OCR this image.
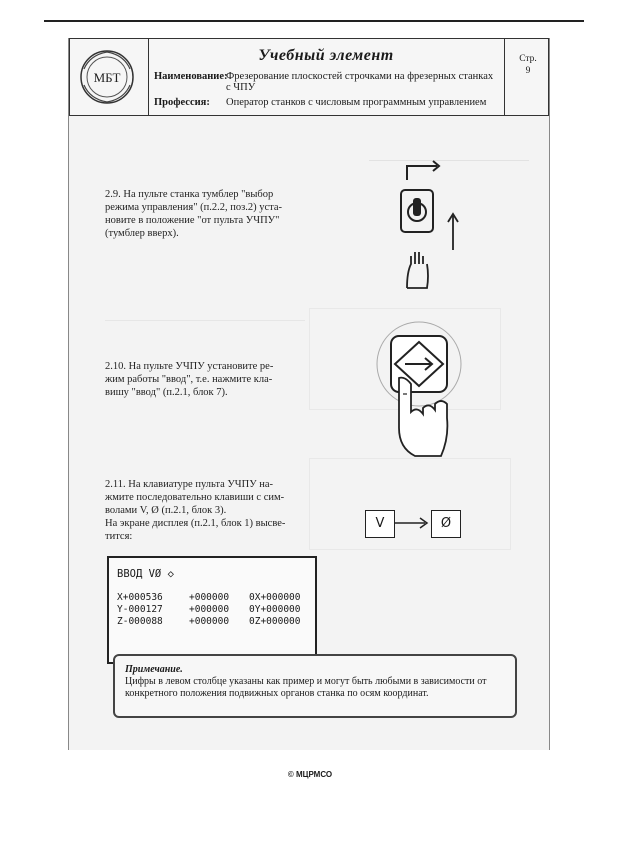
МБТ
Учебный элемент
Наименование:Фрезерование плоскостей строчками на фрезерных станках с ЧПУ
Профессия: Оператор станков с числовым программным управлением
Стр.
9
2.9. На пульте станка тумблер "выбор
режима управления" (п.2.2, поз.2) уста-
новите в положение "от пульта УЧПУ"
(тумблер вверх).
2.10. На пульте УЧПУ установите ре-
жим работы "ввод", т.е. нажмите кла-
вишу "ввод" (п.2.1, блок 7).
2.11. На клавиатуре пульта УЧПУ на-
жмите последовательно клавиши с сим-
волами V, Ø (п.2.1, блок 3).
На экране дисплея (п.2.1, блок 1) высве-
тится:
V	Ø
ВВОД VØ ◇
X+000536	+000000 0X+000000
Y-000127	+000000 0Y+000000
Z-000088	+000000 0Z+000000
Примечание.
Цифры в левом столбце указаны как пример и могут быть любыми в зависимости от конкретного положения подвижных органов станка по осям координат.
© МЦРМСО
